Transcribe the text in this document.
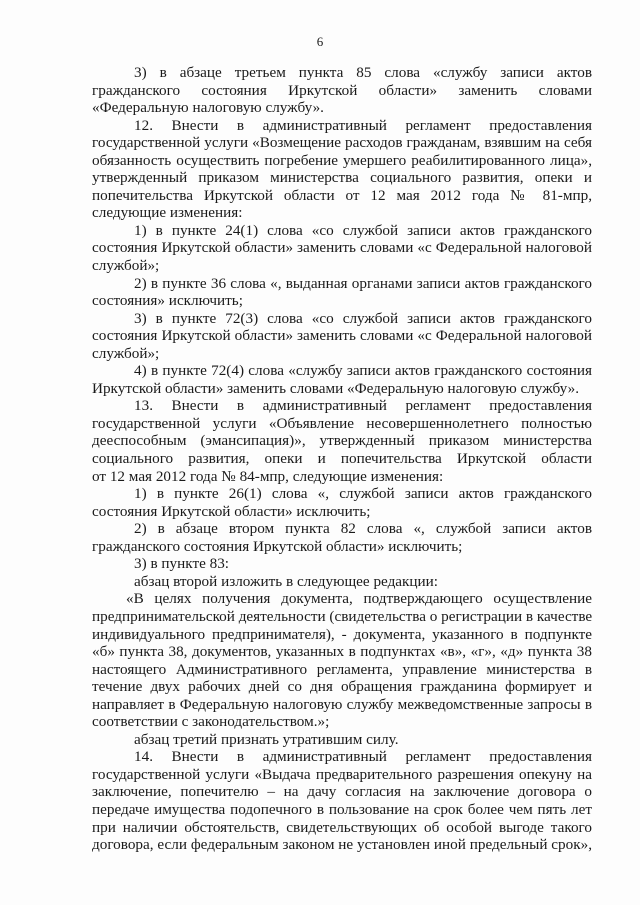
6
3) в абзаце третьем пункта 85 слова «службу записи актов
гражданского состояния Иркутской области» заменить словами
«Федеральную налоговую службу».
12. Внести в административный регламент предоставления
государственной услуги «Возмещение расходов гражданам, взявшим на себя
обязанность осуществить погребение умершего реабилитированного лица»,
утвержденный приказом министерства социального развития, опеки и
попечительства Иркутской области от 12 мая 2012 года № 81-мпр,
следующие изменения:
1) в пункте 24(1) слова «со службой записи актов гражданского
состояния Иркутской области» заменить словами «с Федеральной налоговой
службой»;
2) в пункте 36 слова «, выданная органами записи актов гражданского
состояния» исключить;
3) в пункте 72(3) слова «со службой записи актов гражданского
состояния Иркутской области» заменить словами «с Федеральной налоговой
службой»;
4) в пункте 72(4) слова «службу записи актов гражданского состояния
Иркутской области» заменить словами «Федеральную налоговую службу».
13. Внести в административный регламент предоставления
государственной услуги «Объявление несовершеннолетнего полностью
дееспособным (эмансипация)», утвержденный приказом министерства
социального развития, опеки и попечительства Иркутской области
от 12 мая 2012 года № 84-мпр, следующие изменения:
1) в пункте 26(1) слова «, службой записи актов гражданского
состояния Иркутской области» исключить;
2) в абзаце втором пункта 82 слова «, службой записи актов
гражданского состояния Иркутской области» исключить;
3) в пункте 83:
абзац второй изложить в следующее редакции:
«В целях получения документа, подтверждающего осуществление
предпринимательской деятельности (свидетельства о регистрации в качестве
индивидуального предпринимателя), - документа, указанного в подпункте
«б» пункта 38, документов, указанных в подпунктах «в», «г», «д» пункта 38
настоящего Административного регламента, управление министерства в
течение двух рабочих дней со дня обращения гражданина формирует и
направляет в Федеральную налоговую службу межведомственные запросы в
соответствии с законодательством.»;
абзац третий признать утратившим силу.
14. Внести в административный регламент предоставления
государственной услуги «Выдача предварительного разрешения опекуну на
заключение, попечителю – на дачу согласия на заключение договора о
передаче имущества подопечного в пользование на срок более чем пять лет
при наличии обстоятельств, свидетельствующих об особой выгоде такого
договора, если федеральным законом не установлен иной предельный срок»,
